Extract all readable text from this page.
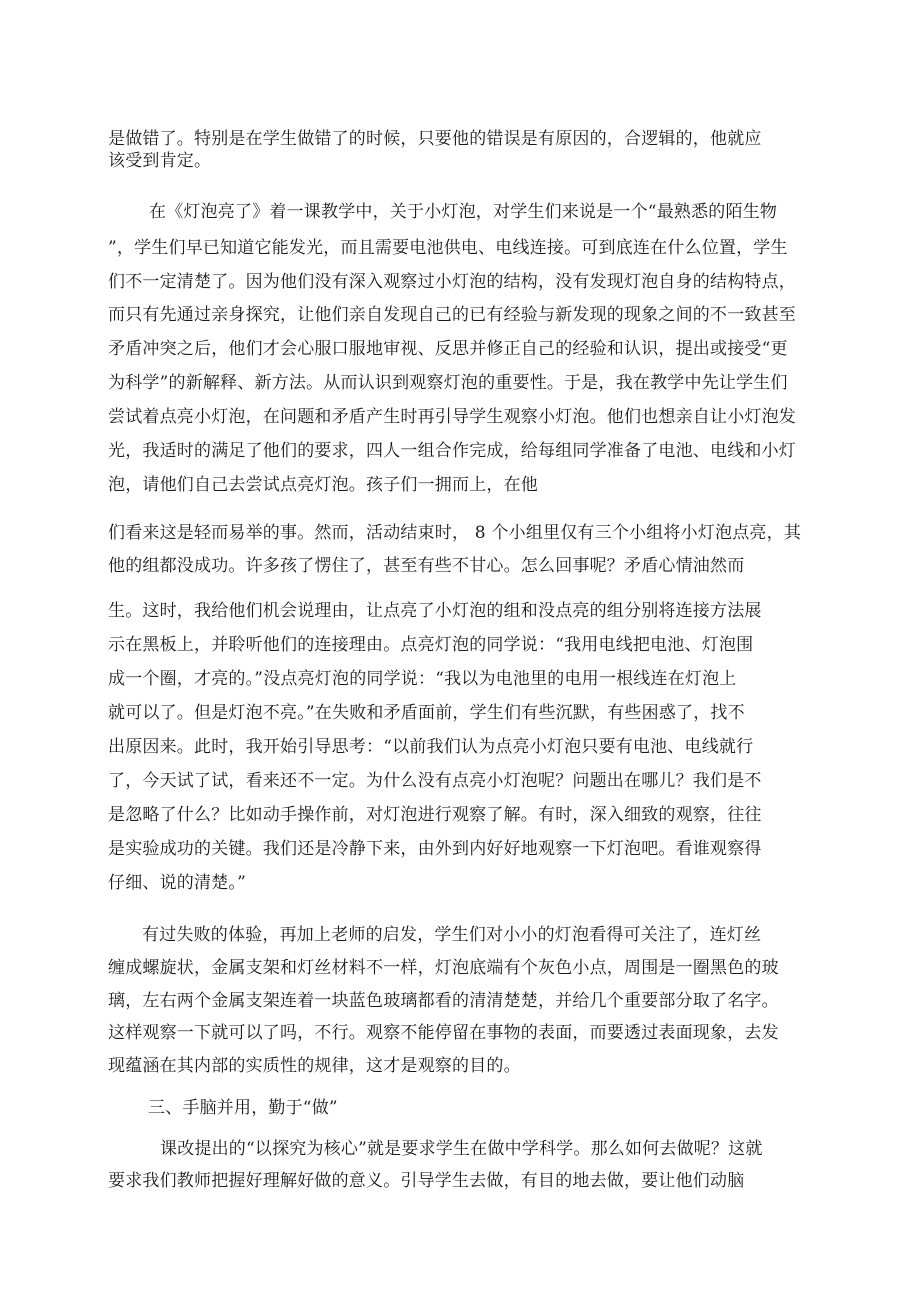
是做错了。特别是在学生做错了的时候，只要他的错误是有原因的，合逻辑的，他就应
该受到肯定。
在《灯泡亮了》着一课教学中，关于小灯泡，对学生们来说是一个“最熟悉的陌生物
”，学生们早已知道它能发光，而且需要电池供电、电线连接。可到底连在什么位置，学生
们不一定清楚了。因为他们没有深入观察过小灯泡的结构，没有发现灯泡自身的结构特点，
而只有先通过亲身探究，让他们亲自发现自己的已有经验与新发现的现象之间的不一致甚至
矛盾冲突之后，他们才会心服口服地审视、反思并修正自己的经验和认识，提出或接受“更
为科学”的新解释、新方法。从而认识到观察灯泡的重要性。于是，我在教学中先让学生们
尝试着点亮小灯泡，在问题和矛盾产生时再引导学生观察小灯泡。他们也想亲自让小灯泡发
光，我适时的满足了他们的要求，四人一组合作完成，给每组同学准备了电池、电线和小灯
泡，请他们自己去尝试点亮灯泡。孩子们一拥而上，在他
们看来这是轻而易举的事。然而，活动结束时， 8 个小组里仅有三个小组将小灯泡点亮，其
他的组都没成功。许多孩了愣住了，甚至有些不甘心。怎么回事呢？矛盾心情油然而
生。这时，我给他们机会说理由，让点亮了小灯泡的组和没点亮的组分别将连接方法展
示在黑板上，并聆听他们的连接理由。点亮灯泡的同学说：“我用电线把电池、灯泡围
成一个圈，才亮的。”没点亮灯泡的同学说：“我以为电池里的电用一根线连在灯泡上
就可以了。但是灯泡不亮。”在失败和矛盾面前，学生们有些沉默，有些困惑了，找不
出原因来。此时，我开始引导思考：“以前我们认为点亮小灯泡只要有电池、电线就行
了，今天试了试，看来还不一定。为什么没有点亮小灯泡呢？问题出在哪儿？我们是不
是忽略了什么？比如动手操作前，对灯泡进行观察了解。有时，深入细致的观察，往往
是实验成功的关键。我们还是冷静下来，由外到内好好地观察一下灯泡吧。看谁观察得
仔细、说的清楚。”
有过失败的体验，再加上老师的启发，学生们对小小的灯泡看得可关注了，连灯丝
缠成螺旋状，金属支架和灯丝材料不一样，灯泡底端有个灰色小点，周围是一圈黑色的玻
璃，左右两个金属支架连着一块蓝色玻璃都看的清清楚楚，并给几个重要部分取了名字。
这样观察一下就可以了吗，不行。观察不能停留在事物的表面，而要透过表面现象，去发
现蕴涵在其内部的实质性的规律，这才是观察的目的。
三、手脑并用，勤于“做”
课改提出的“以探究为核心”就是要求学生在做中学科学。那么如何去做呢？这就
要求我们教师把握好理解好做的意义。引导学生去做，有目的地去做，要让他们动脑
